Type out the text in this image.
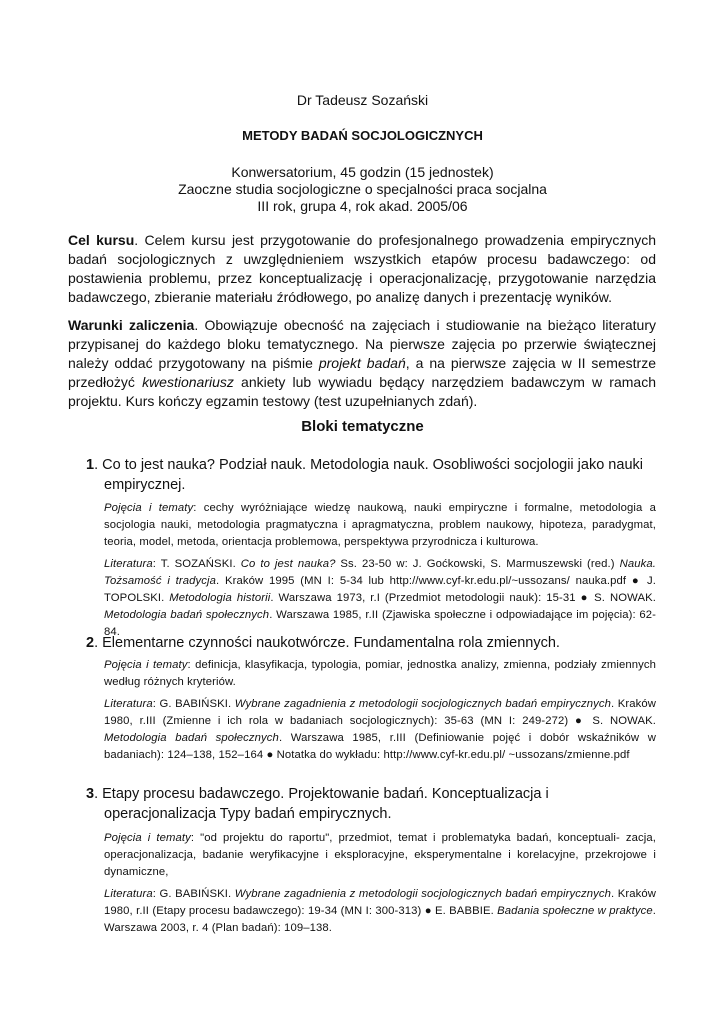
Dr Tadeusz Sozański
METODY BADAŃ SOCJOLOGICZNYCH
Konwersatorium, 45 godzin (15 jednostek)
Zaoczne studia socjologiczne o specjalności praca socjalna
III rok, grupa 4, rok akad. 2005/06
Cel kursu. Celem kursu jest przygotowanie do profesjonalnego prowadzenia empirycznych badań socjologicznych z uwzględnieniem wszystkich etapów procesu badawczego: od postawienia problemu, przez konceptualizację i operacjonalizację, przygotowanie narzędzia badawczego, zbieranie materiału źródłowego, po analizę danych i prezentację wyników.
Warunki zaliczenia. Obowiązuje obecność na zajęciach i studiowanie na bieżąco literatury przypisanej do każdego bloku tematycznego. Na pierwsze zajęcia po przerwie świątecznej należy oddać przygotowany na piśmie projekt badań, a na pierwsze zajęcia w II semestrze przedłożyć kwestionariusz ankiety lub wywiadu będący narzędziem badawczym w ramach projektu. Kurs kończy egzamin testowy (test uzupełnianych zdań).
Bloki tematyczne
1. Co to jest nauka? Podział nauk. Metodologia nauk. Osobliwości socjologii jako nauki empirycznej.
Pojęcia i tematy: cechy wyróżniające wiedzę naukową, nauki empiryczne i formalne, metodologia a socjologia nauki, metodologia pragmatyczna i apragmatyczna, problem naukowy, hipoteza, paradygmat, teoria, model, metoda, orientacja problemowa, perspektywa przyrodnicza i kulturowa.
Literatura: T. SOZAŃSKI. Co to jest nauka? Ss. 23-50 w: J. Goćkowski, S. Marmuszewski (red.) Nauka. Tożsamość i tradycja. Kraków 1995 (MN I: 5-34 lub http://www.cyf-kr.edu.pl/~ussozans/ nauka.pdf ● J. TOPOLSKI. Metodologia historii. Warszawa 1973, r.I (Przedmiot metodologii nauk): 15-31 ● S. NOWAK. Metodologia badań społecznych. Warszawa 1985, r.II (Zjawiska społeczne i odpowiadające im pojęcia): 62-84.
2. Elementarne czynności naukotwórcze. Fundamentalna rola zmiennych.
Pojęcia i tematy: definicja, klasyfikacja, typologia, pomiar, jednostka analizy, zmienna, podziały zmiennych według różnych kryteriów.
Literatura: G. BABIŃSKI. Wybrane zagadnienia z metodologii socjologicznych badań empirycznych. Kraków 1980, r.III (Zmienne i ich rola w badaniach socjologicznych): 35-63 (MN I: 249-272) ● S. NOWAK. Metodologia badań społecznych. Warszawa 1985, r.III (Definiowanie pojęć i dobór wskaźników w badaniach): 124–138, 152–164 ● Notatka do wykładu: http://www.cyf-kr.edu.pl/ ~ussozans/zmienne.pdf
3. Etapy procesu badawczego. Projektowanie badań. Konceptualizacja i operacjonalizacja Typy badań empirycznych.
Pojęcia i tematy: "od projektu do raportu", przedmiot, temat i problematyka badań, konceptuali- zacja, operacjonalizacja, badanie weryfikacyjne i eksploracyjne, eksperymentalne i korelacyjne, przekrojowe i dynamiczne,
Literatura: G. BABIŃSKI. Wybrane zagadnienia z metodologii socjologicznych badań empirycznych. Kraków 1980, r.II (Etapy procesu badawczego): 19-34 (MN I: 300-313) ● E. BABBIE. Badania społeczne w praktyce. Warszawa 2003, r. 4 (Plan badań): 109–138.
